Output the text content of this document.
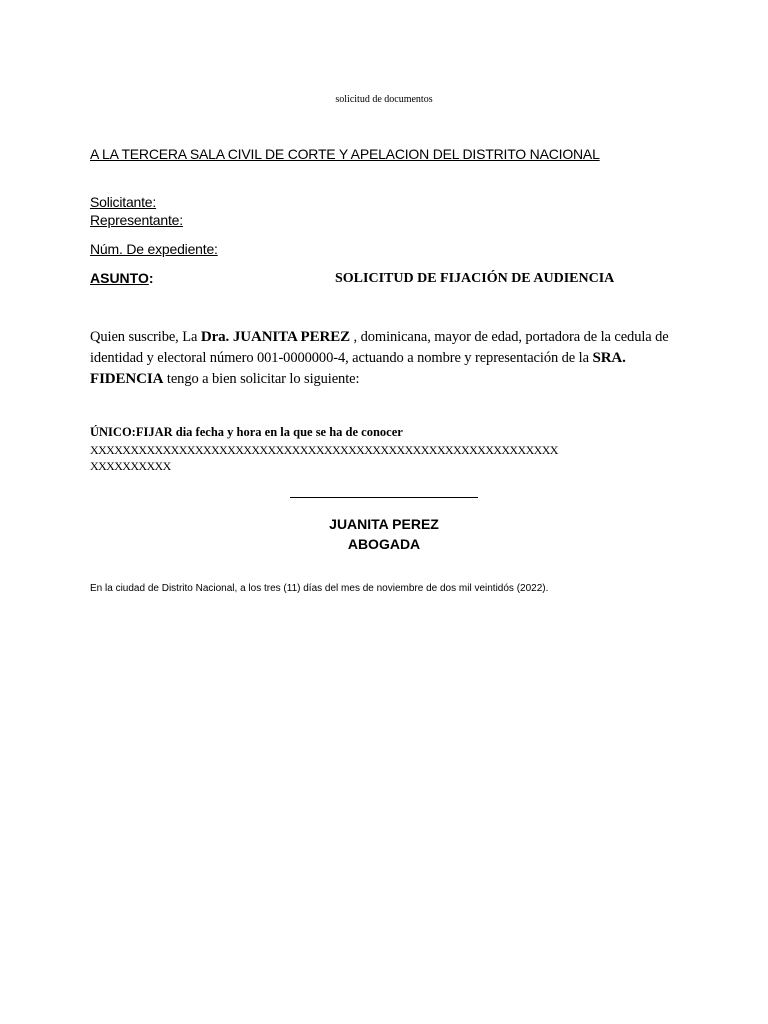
solicitud de documentos
A LA TERCERA SALA CIVIL DE CORTE Y APELACION DEL DISTRITO NACIONAL
Solicitante:
Representante:
Núm. De expediente:
ASUNTO:	SOLICITUD DE FIJACIÓN DE AUDIENCIA
Quien suscribe, La Dra. JUANITA PEREZ , dominicana, mayor de edad, portadora de la cedula de identidad y electoral número 001-0000000-4, actuando a nombre y representación de la SRA. FIDENCIA tengo a bien solicitar lo siguiente:
ÚNICO:FIJAR dia fecha y hora en la que se ha de conocer
XXXXXXXXXXXXXXXXXXXXXXXXXXXXXXXXXXXXXXXXXXXXXXXXXXXXXXXXXX
XXXXXXXXXX
JUANITA PEREZ
ABOGADA
En la ciudad de Distrito Nacional, a los tres (11) días del mes de noviembre de dos mil veintidós (2022).
